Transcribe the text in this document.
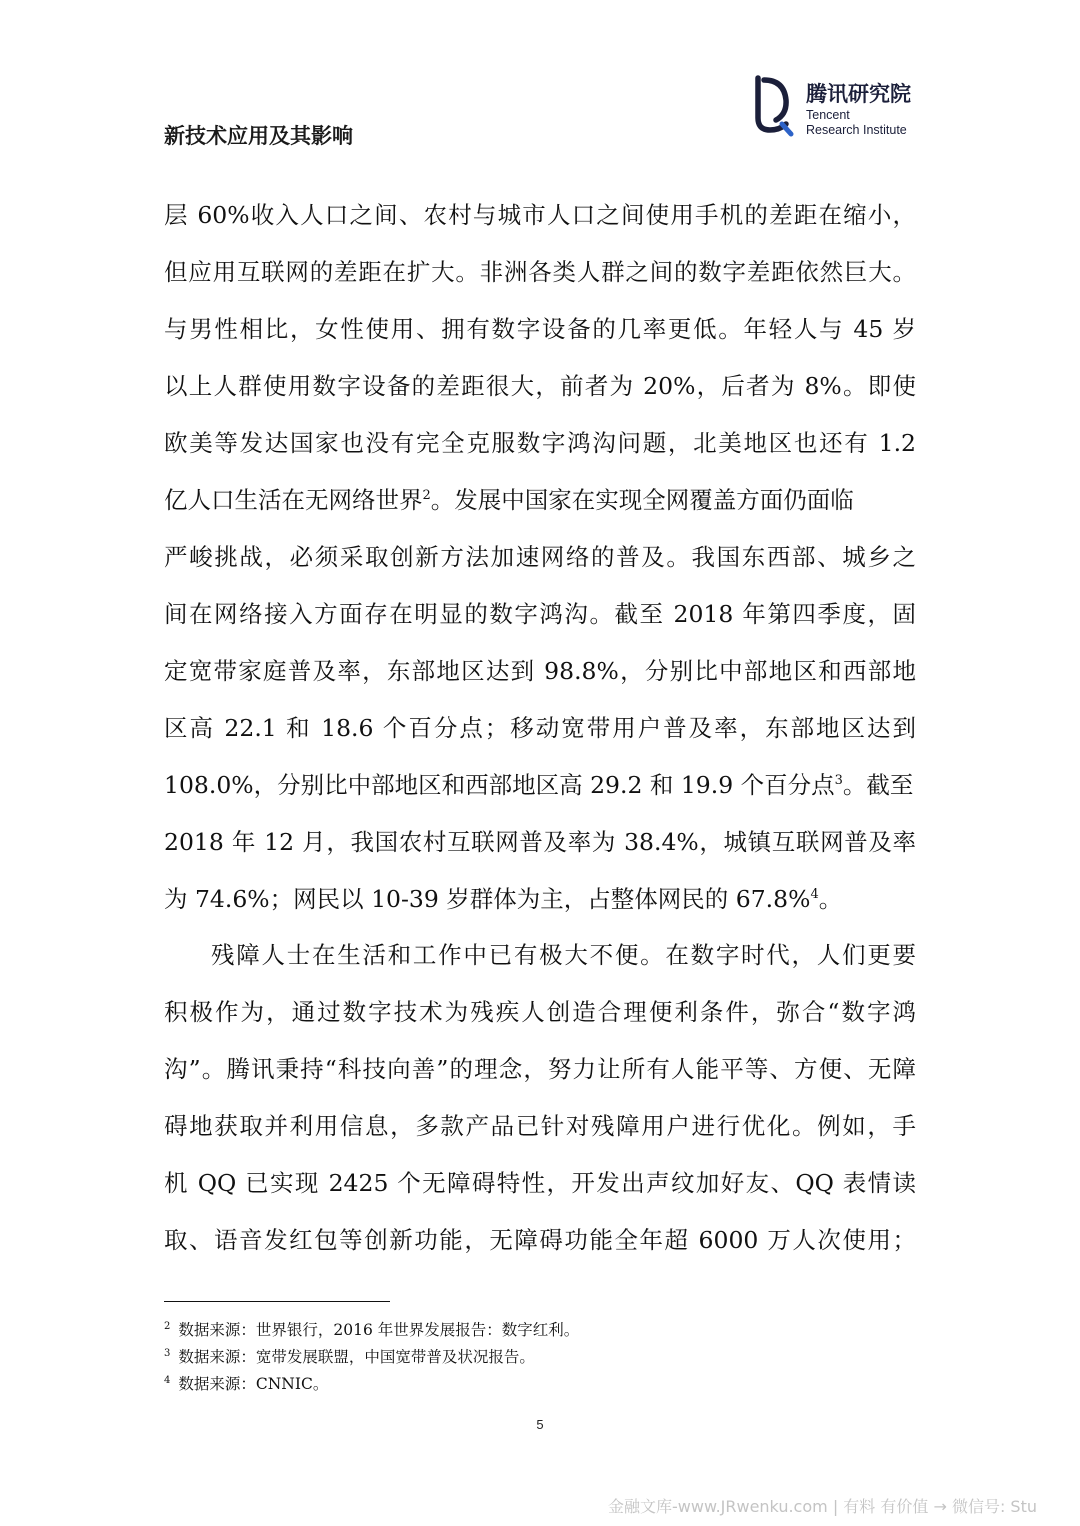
新技术应用及其影响
腾讯研究院
Tencent
Research Institute
层 60%收入人口之间、农村与城市人口之间使用手机的差距在缩小，
但应用互联网的差距在扩大。非洲各类人群之间的数字差距依然巨大。
与男性相比，女性使用、拥有数字设备的几率更低。年轻人与 45 岁
以上人群使用数字设备的差距很大，前者为 20%，后者为 8%。即使
欧美等发达国家也没有完全克服数字鸿沟问题，北美地区也还有 1.2
亿人口生活在无网络世界$^2$。发展中国家在实现全网覆盖方面仍面临
严峻挑战，必须采取创新方法加速网络的普及。我国东西部、城乡之
间在网络接入方面存在明显的数字鸿沟。截至 2018 年第四季度，固
定宽带家庭普及率，东部地区达到 98.8%，分别比中部地区和西部地
区高 22.1 和 18.6 个百分点；移动宽带用户普及率，东部地区达到
108.0%，分别比中部地区和西部地区高 29.2 和 19.9 个百分点$^3$。截至
2018 年 12 月，我国农村互联网普及率为 38.4%，城镇互联网普及率
为 74.6%；网民以 10-39 岁群体为主，占整体网民的 67.8%$^4$。
残障人士在生活和工作中已有极大不便。在数字时代，人们更要
积极作为，通过数字技术为残疾人创造合理便利条件，弥合“数字鸿
沟”。腾讯秉持“科技向善”的理念，努力让所有人能平等、方便、无障
碍地获取并利用信息，多款产品已针对残障用户进行优化。例如，手
机 QQ 已实现 2425 个无障碍特性，开发出声纹加好友、QQ 表情读
取、语音发红包等创新功能，无障碍功能全年超 6000 万人次使用；
$^2$ 数据来源：世界银行，2016 年世界发展报告：数字红利。
$^3$ 数据来源：宽带发展联盟，中国宽带普及状况报告。
$^4$ 数据来源：CNNIC。
5
金融文库-www.JRwenku.com | 有料 有价值 → 微信号: Stu
